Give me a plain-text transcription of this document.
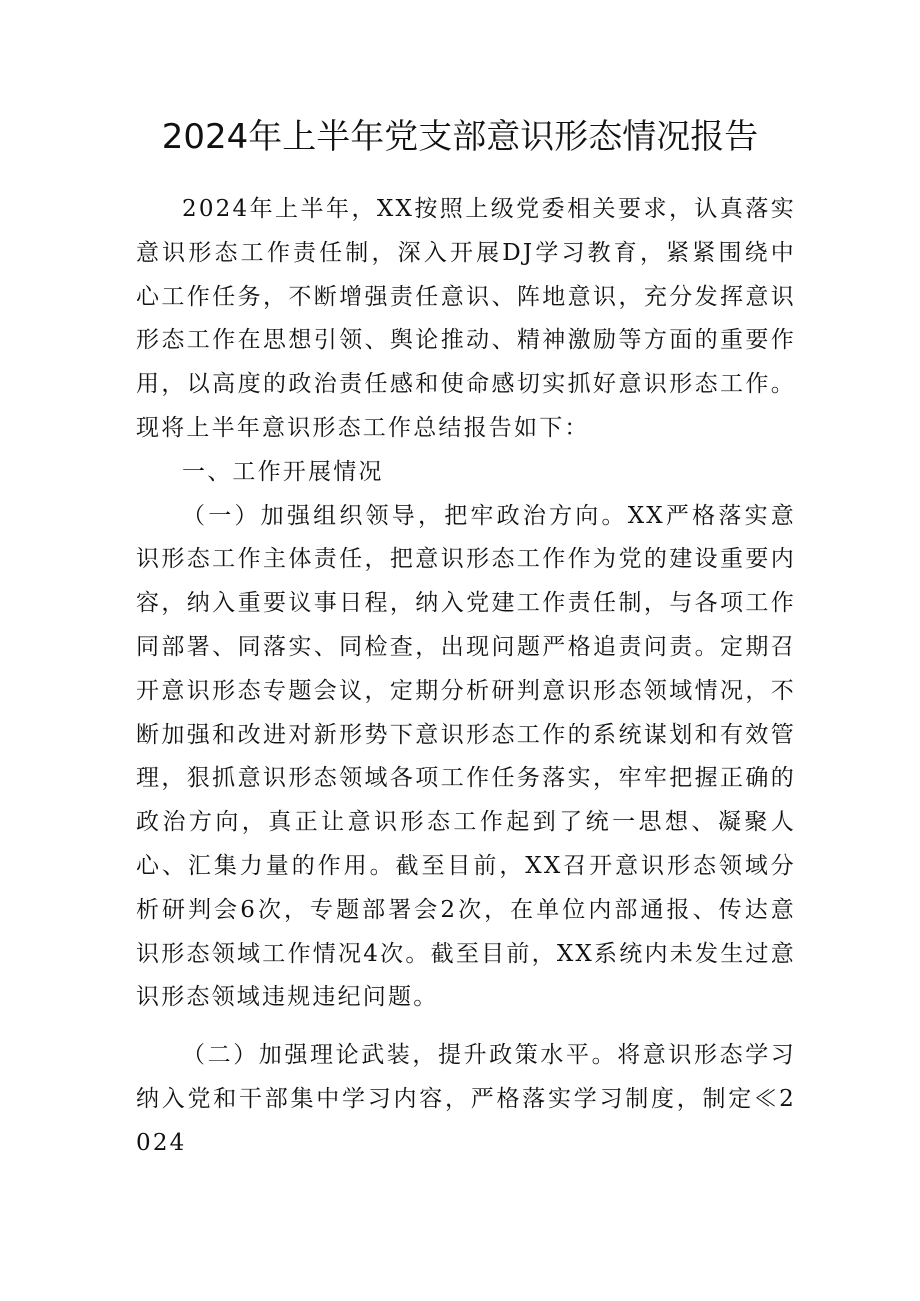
2024年上半年党支部意识形态情况报告

2024年上半年，XX按照上级党委相关要求，认真落实意识形态工作责任制，深入开展DJ学习教育，紧紧围绕中心工作任务，不断增强责任意识、阵地意识，充分发挥意识形态工作在思想引领、舆论推动、精神激励等方面的重要作用，以高度的政治责任感和使命感切实抓好意识形态工作。现将上半年意识形态工作总结报告如下：

一、工作开展情况

（一）加强组织领导，把牢政治方向。XX严格落实意识形态工作主体责任，把意识形态工作作为党的建设重要内容，纳入重要议事日程，纳入党建工作责任制，与各项工作同部署、同落实、同检查，出现问题严格追责问责。定期召开意识形态专题会议，定期分析研判意识形态领域情况，不断加强和改进对新形势下意识形态工作的系统谋划和有效管理，狠抓意识形态领域各项工作任务落实，牢牢把握正确的政治方向，真正让意识形态工作起到了统一思想、凝聚人心、汇集力量的作用。截至目前，XX召开意识形态领域分析研判会6次，专题部署会2次，在单位内部通报、传达意识形态领域工作情况4次。截至目前，XX系统内未发生过意识形态领域违规违纪问题。

（二）加强理论武装，提升政策水平。将意识形态学习纳入党和干部集中学习内容，严格落实学习制度，制定≪2024
